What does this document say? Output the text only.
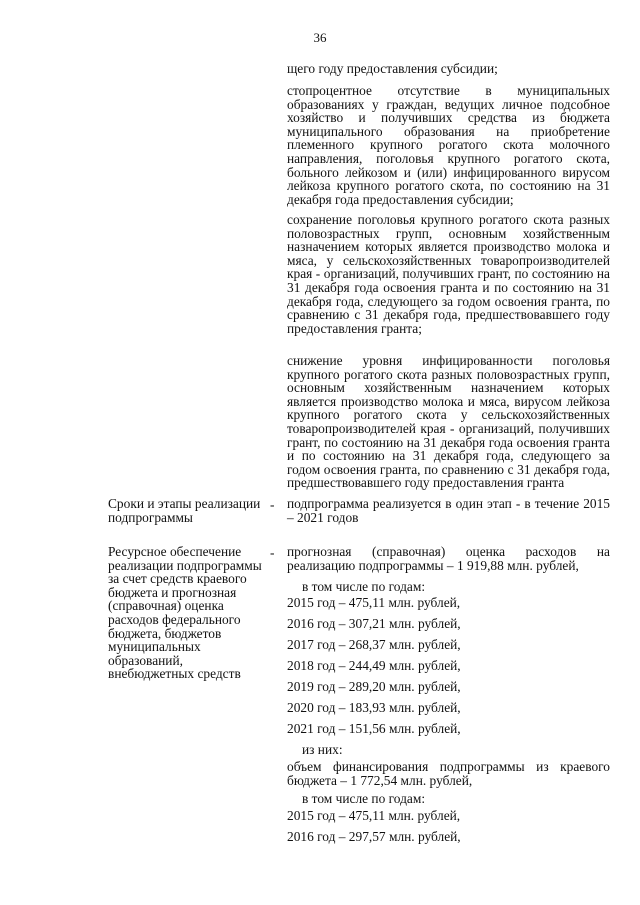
36

щего году предоставления субсидии;

стопроцентное отсутствие в муниципальных образованиях у граждан, ведущих личное подсобное хозяйство и получивших средства из бюджета муниципального образования на приобретение племенного крупного рогатого скота молочного направления, поголовья крупного рогатого скота, больного лейкозом и (или) инфицированного вирусом лейкоза крупного рогатого скота, по состоянию на 31 декабря года предоставления субсидии;

сохранение поголовья крупного рогатого скота разных половозрастных групп, основным хозяйственным назначением которых является производство молока и мяса, у сельскохозяйственных товаропроизводителей края - организаций, получивших грант, по состоянию на 31 декабря года освоения гранта и по состоянию на 31 декабря года, следующего за годом освоения гранта, по сравнению с 31 декабря года, предшествовавшего году предоставления гранта;

снижение уровня инфицированности поголовья крупного рогатого скота разных половозрастных групп, основным хозяйственным назначением которых является производство молока и мяса, вирусом лейкоза крупного рогатого скота у сельскохозяйственных товаропроизводителей края - организаций, получивших грант, по состоянию на 31 декабря года освоения гранта и по состоянию на 31 декабря года, следующего за годом освоения гранта, по сравнению с 31 декабря года, предшествовавшего году предоставления гранта

Сроки и этапы реализации подпрограммы
- подпрограмма реализуется в один этап - в течение 2015 – 2021 годов
Ресурсное обеспечение реализации подпрограммы за счет средств краевого бюджета и прогнозная (справочная) оценка расходов федерального бюджета, бюджетов муниципальных образований, внебюджетных средств
- прогнозная (справочная) оценка расходов на реализацию подпрограммы – 1 919,88 млн. рублей,
в том числе по годам:
2015 год – 475,11 млн. рублей,
2016 год – 307,21 млн. рублей,
2017 год – 268,37 млн. рублей,
2018 год – 244,49 млн. рублей,
2019 год – 289,20 млн. рублей,
2020 год – 183,93 млн. рублей,
2021 год – 151,56 млн. рублей,
из них:
объем финансирования подпрограммы из краевого бюджета – 1 772,54 млн. рублей,
в том числе по годам:
2015 год – 475,11 млн. рублей,
2016 год – 297,57 млн. рублей,
